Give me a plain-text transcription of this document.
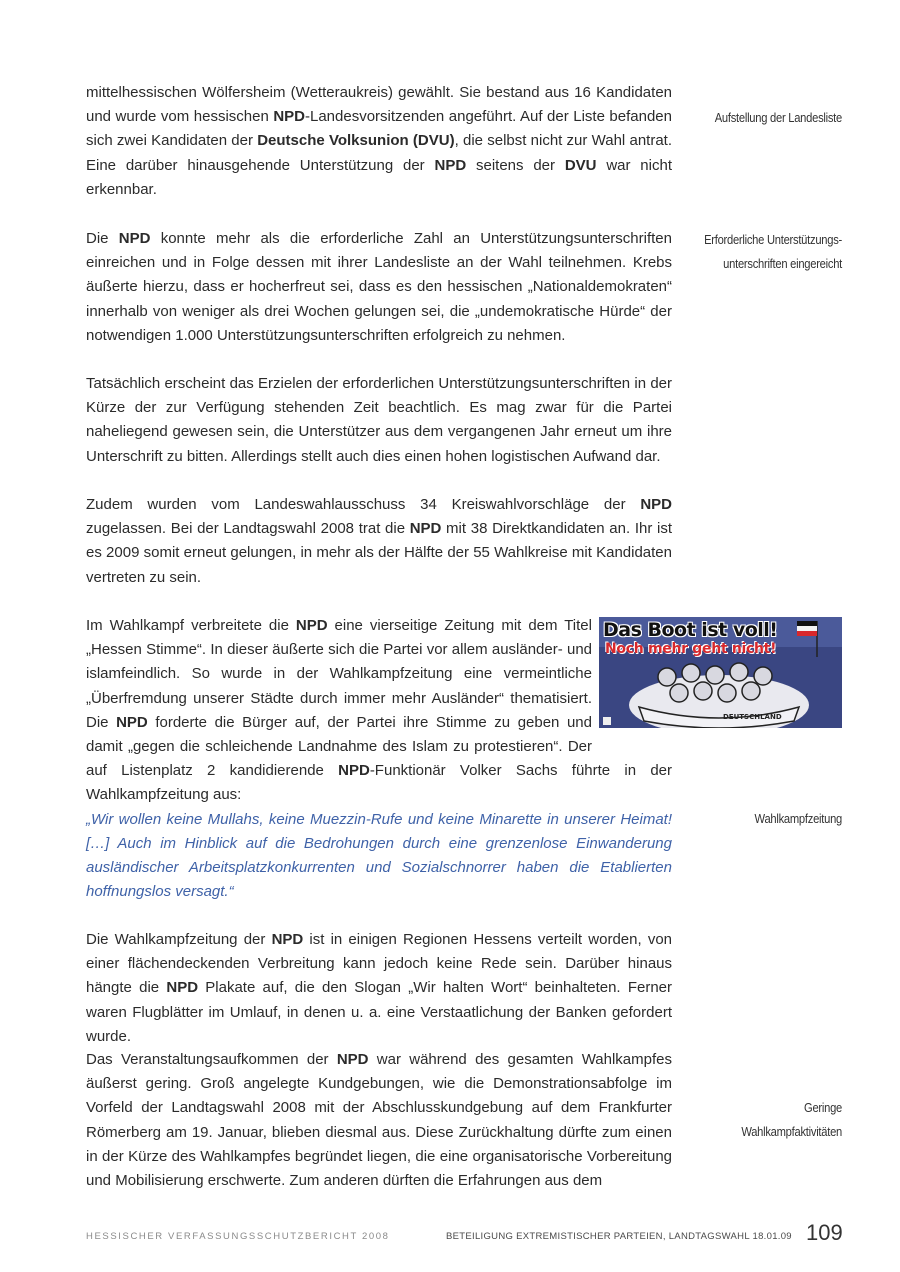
mittelhessischen Wölfersheim (Wetteraukreis) gewählt. Sie bestand aus 16 Kandidaten und wurde vom hessischen NPD-Landesvorsitzenden angeführt. Auf der Liste befanden sich zwei Kandidaten der Deutsche Volksunion (DVU), die selbst nicht zur Wahl antrat. Eine darüber hinausgehende Unterstützung der NPD seitens der DVU war nicht erkennbar.

Die NPD konnte mehr als die erforderliche Zahl an Unterstützungsunterschriften einreichen und in Folge dessen mit ihrer Landesliste an der Wahl teilnehmen. Krebs äußerte hierzu, dass er hocherfreut sei, dass es den hessischen „Nationaldemokraten“ innerhalb von weniger als drei Wochen gelungen sei, die „undemokratische Hürde“ der notwendigen 1.000 Unterstützungsunterschriften erfolgreich zu nehmen.

Tatsächlich erscheint das Erzielen der erforderlichen Unterstützungsunterschriften in der Kürze der zur Verfügung stehenden Zeit beachtlich. Es mag zwar für die Partei naheliegend gewesen sein, die Unterstützer aus dem vergangenen Jahr erneut um ihre Unterschrift zu bitten. Allerdings stellt auch dies einen hohen logistischen Aufwand dar.

Zudem wurden vom Landeswahlausschuss 34 Kreiswahlvorschläge der NPD zugelassen. Bei der Landtagswahl 2008 trat die NPD mit 38 Direktkandidaten an. Ihr ist es 2009 somit erneut gelungen, in mehr als der Hälfte der 55 Wahlkreise mit Kandidaten vertreten zu sein.

Im Wahlkampf verbreitete die NPD eine vierseitige Zeitung mit dem Titel „Hessen Stimme“. In dieser äußerte sich die Partei vor allem ausländer- und islamfeindlich. So wurde in der Wahlkampfzeitung eine vermeintliche „Überfremdung unserer Städte durch immer mehr Ausländer“ thematisiert. Die NPD forderte die Bürger auf, der Partei ihre Stimme zu geben und damit „gegen die schleichende Landnahme des Islam zu protestieren“. Der auf Listenplatz 2 kandidierende NPD-Funktionär Volker Sachs führte in der Wahlkampfzeitung aus:

„Wir wollen keine Mullahs, keine Muezzin-Rufe und keine Minarette in unserer Heimat! […] Auch im Hinblick auf die Bedrohungen durch eine grenzenlose Einwanderung ausländischer Arbeitsplatzkonkurrenten und Sozialschnorrer haben die Etablierten hoffnungslos versagt.“

Die Wahlkampfzeitung der NPD ist in einigen Regionen Hessens verteilt worden, von einer flächendeckenden Verbreitung kann jedoch keine Rede sein. Darüber hinaus hängte die NPD Plakate auf, die den Slogan „Wir halten Wort“ beinhalteten. Ferner waren Flugblätter im Umlauf, in denen u. a. eine Verstaatlichung der Banken gefordert wurde.

Das Veranstaltungsaufkommen der NPD war während des gesamten Wahlkampfes äußerst gering. Groß angelegte Kundgebungen, wie die Demonstrationsabfolge im Vorfeld der Landtagswahl 2008 mit der Abschlusskundgebung auf dem Frankfurter Römerberg am 19. Januar, blieben diesmal aus. Diese Zurückhaltung dürfte zum einen in der Kürze des Wahlkampfes begründet liegen, die eine organisatorische Vorbereitung und Mobilisierung erschwerte. Zum anderen dürften die Erfahrungen aus dem

Aufstellung der Landesliste
Erforderliche Unterstützungs-
unterschriften eingereicht
Wahlkampfzeitung
Geringe
Wahlkampfaktivitäten
Das Boot ist voll!
Noch mehr geht nicht!
DEUTSCHLAND
HESSISCHER VERFASSUNGSSCHUTZBERICHT 2008	BETEILIGUNG EXTREMISTISCHER PARTEIEN, LANDTAGSWAHL 18.01.09 109
